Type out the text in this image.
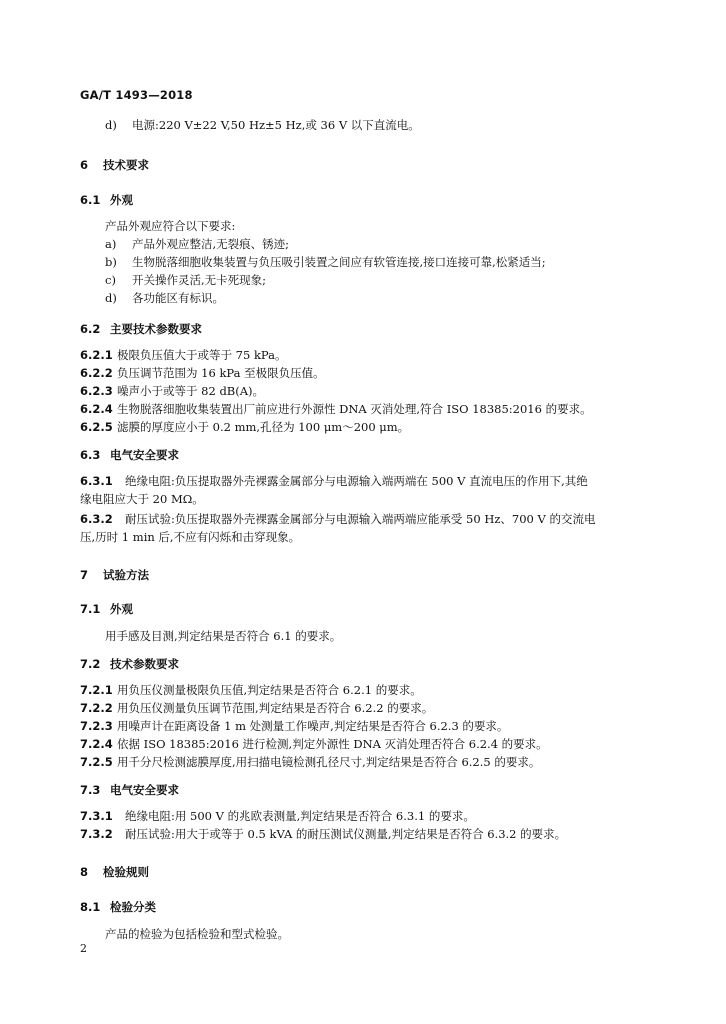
GA/T 1493—2018
d) 电源:220 V±22 V,50 Hz±5 Hz,或 36 V 以下直流电。
6 技术要求
6.1 外观
产品外观应符合以下要求:
a) 产品外观应整洁,无裂痕、锈迹;
b) 生物脱落细胞收集装置与负压吸引装置之间应有软管连接,接口连接可靠,松紧适当;
c) 开关操作灵活,无卡死现象;
d) 各功能区有标识。
6.2 主要技术参数要求
6.2.1 极限负压值大于或等于 75 kPa。
6.2.2 负压调节范围为 16 kPa 至极限负压值。
6.2.3 噪声小于或等于 82 dB(A)。
6.2.4 生物脱落细胞收集装置出厂前应进行外源性 DNA 灭消处理,符合 ISO 18385:2016 的要求。
6.2.5 滤膜的厚度应小于 0.2 mm,孔径为 100 μm～200 μm。
6.3 电气安全要求
6.3.1 绝缘电阻:负压提取器外壳裸露金属部分与电源输入端两端在 500 V 直流电压的作用下,其绝
缘电阻应大于 20 MΩ。
6.3.2 耐压试验:负压提取器外壳裸露金属部分与电源输入端两端应能承受 50 Hz、700 V 的交流电
压,历时 1 min 后,不应有闪烁和击穿现象。
7 试验方法
7.1 外观
用手感及目测,判定结果是否符合 6.1 的要求。
7.2 技术参数要求
7.2.1 用负压仪测量极限负压值,判定结果是否符合 6.2.1 的要求。
7.2.2 用负压仪测量负压调节范围,判定结果是否符合 6.2.2 的要求。
7.2.3 用噪声计在距离设备 1 m 处测量工作噪声,判定结果是否符合 6.2.3 的要求。
7.2.4 依据 ISO 18385:2016 进行检测,判定外源性 DNA 灭消处理否符合 6.2.4 的要求。
7.2.5 用千分尺检测滤膜厚度,用扫描电镜检测孔径尺寸,判定结果是否符合 6.2.5 的要求。
7.3 电气安全要求
7.3.1 绝缘电阻:用 500 V 的兆欧表测量,判定结果是否符合 6.3.1 的要求。
7.3.2 耐压试验:用大于或等于 0.5 kVA 的耐压测试仪测量,判定结果是否符合 6.3.2 的要求。
8 检验规则
8.1 检验分类
产品的检验为包括检验和型式检验。
2
